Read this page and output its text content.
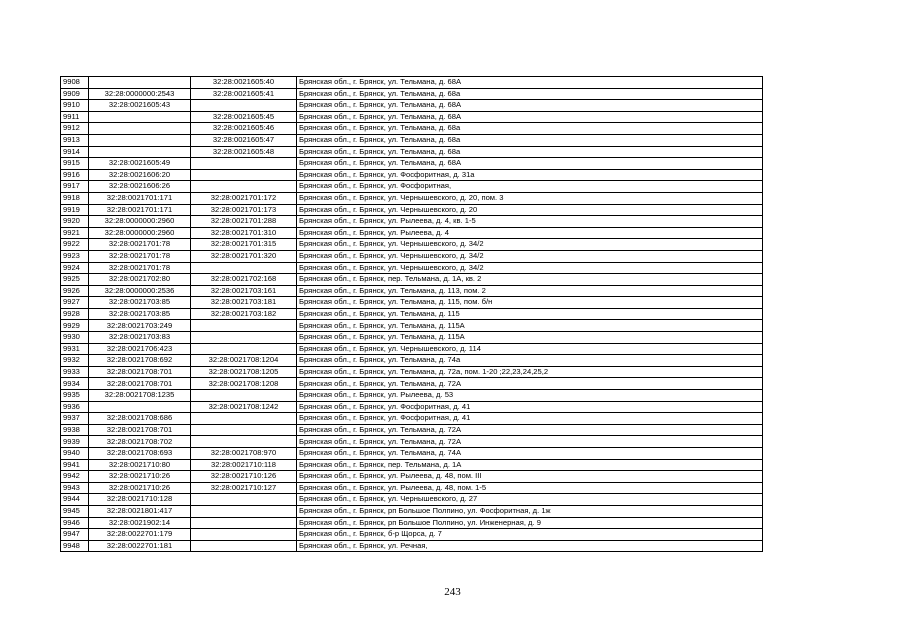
9908		32:28:0021605:40	Брянская обл., г. Брянск, ул. Тельмана, д. 68А
9909	32:28:0000000:2543	32:28:0021605:41	Брянская обл., г. Брянск, ул. Тельмана, д. 68а
9910	32:28:0021605:43		Брянская обл., г. Брянск, ул. Тельмана, д. 68А
9911		32:28:0021605:45	Брянская обл., г. Брянск, ул. Тельмана, д. 68А
9912		32:28:0021605:46	Брянская обл., г. Брянск, ул. Тельмана, д. 68а
9913		32:28:0021605:47	Брянская обл., г. Брянск, ул. Тельмана, д. 68а
9914		32:28:0021605:48	Брянская обл., г. Брянск, ул. Тельмана, д. 68а
9915	32:28:0021605:49		Брянская обл., г. Брянск, ул. Тельмана, д. 68А
9916	32:28:0021606:20		Брянская обл., г. Брянск, ул. Фосфоритная, д. 31а
9917	32:28:0021606:26		Брянская обл., г. Брянск, ул. Фосфоритная,
9918	32:28:0021701:171	32:28:0021701:172	Брянская обл., г. Брянск, ул. Чернышевского, д. 20, пом. 3
9919	32:28:0021701:171	32:28:0021701:173	Брянская обл., г. Брянск, ул. Чернышевского, д. 20
9920	32:28:0000000:2960	32:28:0021701:288	Брянская обл., г. Брянск, ул. Рылеева, д. 4, кв. 1-5
9921	32:28:0000000:2960	32:28:0021701:310	Брянская обл., г. Брянск, ул. Рылеева, д. 4
9922	32:28:0021701:78	32:28:0021701:315	Брянская обл., г. Брянск, ул. Чернышевского, д. 34/2
9923	32:28:0021701:78	32:28:0021701:320	Брянская обл., г. Брянск, ул. Чернышевского, д. 34/2
9924	32:28:0021701:78		Брянская обл., г. Брянск, ул. Чернышевского, д. 34/2
9925	32:28:0021702:80	32:28:0021702:168	Брянская обл., г. Брянск, пер. Тельмана, д. 1А, кв. 2
9926	32:28:0000000:2536	32:28:0021703:161	Брянская обл., г. Брянск, ул. Тельмана, д. 113, пом. 2
9927	32:28:0021703:85	32:28:0021703:181	Брянская обл., г. Брянск, ул. Тельмана, д. 115, пом. б/н
9928	32:28:0021703:85	32:28:0021703:182	Брянская обл., г. Брянск, ул. Тельмана, д. 115
9929	32:28:0021703:249		Брянская обл., г. Брянск, ул. Тельмана, д. 115А
9930	32:28:0021703:83		Брянская обл., г. Брянск, ул. Тельмана, д. 115А
9931	32:28:0021706:423		Брянская обл., г. Брянск, ул. Чернышевского, д. 114
9932	32:28:0021708:692	32:28:0021708:1204	Брянская обл., г. Брянск, ул. Тельмана, д. 74а
9933	32:28:0021708:701	32:28:0021708:1205	Брянская обл., г. Брянск, ул. Тельмана, д. 72а, пом. 1-20 ;22,23,24,25,2
9934	32:28:0021708:701	32:28:0021708:1208	Брянская обл., г. Брянск, ул. Тельмана, д. 72А
9935	32:28:0021708:1235		Брянская обл., г. Брянск, ул. Рылеева, д. 53
9936		32:28:0021708:1242	Брянская обл., г. Брянск, ул. Фосфоритная, д. 41
9937	32:28:0021708:686		Брянская обл., г. Брянск, ул. Фосфоритная, д. 41
9938	32:28:0021708:701		Брянская обл., г. Брянск, ул. Тельмана, д. 72А
9939	32:28:0021708:702		Брянская обл., г. Брянск, ул. Тельмана, д. 72А
9940	32:28:0021708:693	32:28:0021708:970	Брянская обл., г. Брянск, ул. Тельмана, д. 74А
9941	32:28:0021710:80	32:28:0021710:118	Брянская обл., г. Брянск, пер. Тельмана, д. 1А
9942	32:28:0021710:26	32:28:0021710:126	Брянская обл., г. Брянск, ул. Рылеева, д. 48, пом. III
9943	32:28:0021710:26	32:28:0021710:127	Брянская обл., г. Брянск, ул. Рылеева, д. 48, пом. 1-5
9944	32:28:0021710:128		Брянская обл., г. Брянск, ул. Чернышевского, д. 27
9945	32:28:0021801:417		Брянская обл., г. Брянск, рп Большое Полпино, ул. Фосфоритная, д. 1ж
9946	32:28:0021902:14		Брянская обл., г. Брянск, рп Большое Полпино, ул. Инженерная, д. 9
9947	32:28:0022701:179		Брянская обл., г. Брянск, б-р Щорса, д. 7
9948	32:28:0022701:181		Брянская обл., г. Брянск, ул. Речная,
243
